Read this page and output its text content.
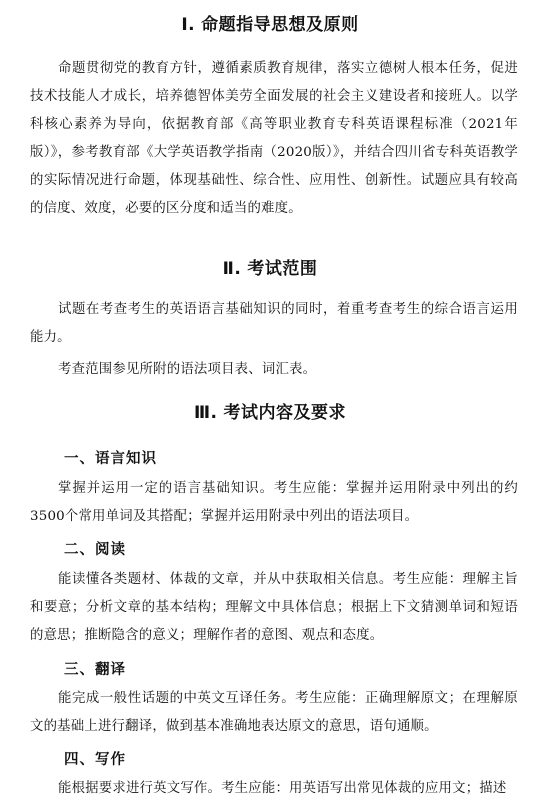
Ⅰ. 命题指导思想及原则
命题贯彻党的教育方针，遵循素质教育规律，落实立德树人根本任务，促进技术技能人才成长，培养德智体美劳全面发展的社会主义建设者和接班人。以学科核心素养为导向，依据教育部《高等职业教育专科英语课程标准（2021年版）》，参考教育部《大学英语教学指南（2020版）》，并结合四川省专科英语教学的实际情况进行命题，体现基础性、综合性、应用性、创新性。试题应具有较高的信度、效度，必要的区分度和适当的难度。
Ⅱ. 考试范围
试题在考查考生的英语语言基础知识的同时，着重考查考生的综合语言运用能力。
考查范围参见所附的语法项目表、词汇表。
Ⅲ. 考试内容及要求
一、语言知识
掌握并运用一定的语言基础知识。考生应能：掌握并运用附录中列出的约3500个常用单词及其搭配；掌握并运用附录中列出的语法项目。
二、阅读
能读懂各类题材、体裁的文章，并从中获取相关信息。考生应能：理解主旨和要意；分析文章的基本结构；理解文中具体信息；根据上下文猜测单词和短语的意思；推断隐含的意义；理解作者的意图、观点和态度。
三、翻译
能完成一般性话题的中英文互译任务。考生应能：正确理解原文；在理解原文的基础上进行翻译，做到基本准确地表达原文的意思，语句通顺。
四、写作
能根据要求进行英文写作。考生应能：用英语写出常见体裁的应用文；描述
